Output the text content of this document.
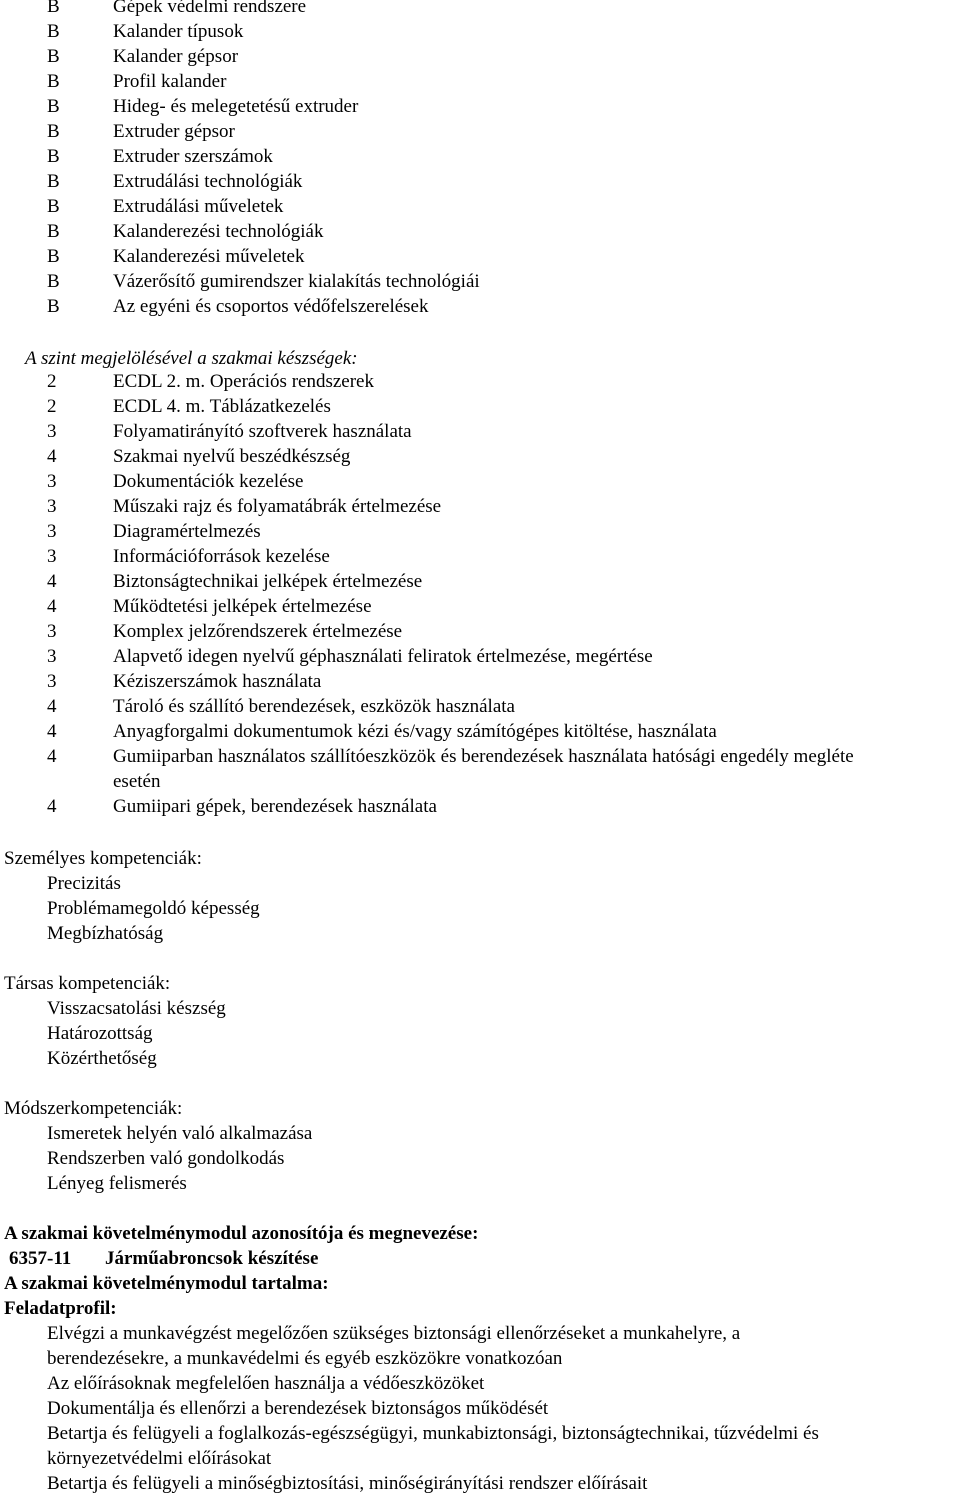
B	Gépek védelmi rendszere
B	Kalander típusok
B	Kalander gépsor
B	Profil kalander
B	Hideg- és melegetetésű extruder
B	Extruder gépsor
B	Extruder szerszámok
B	Extrudálási technológiák
B	Extrudálási műveletek
B	Kalanderezési technológiák
B	Kalanderezési műveletek
B	Vázerősítő gumirendszer kialakítás technológiái
B	Az egyéni és csoportos védőfelszerelések
A szint megjelölésével a szakmai készségek:
2	ECDL 2. m. Operációs rendszerek
2	ECDL 4. m. Táblázatkezelés
3	Folyamatirányító szoftverek használata
4	Szakmai nyelvű beszédkészség
3	Dokumentációk kezelése
3	Műszaki rajz és folyamatábrák értelmezése
3	Diagramértelmezés
3	Információforrások kezelése
4	Biztonságtechnikai jelképek értelmezése
4	Működtetési jelképek értelmezése
3	Komplex jelzőrendszerek értelmezése
3	Alapvető idegen nyelvű géphasználati feliratok értelmezése, megértése
3	Kéziszerszámok használata
4	Tároló és szállító berendezések, eszközök használata
4	Anyagforgalmi dokumentumok kézi és/vagy számítógépes kitöltése, használata
4	Gumiiparban használatos szállítóeszközök és berendezések használata hatósági engedély megléte
esetén
4	Gumiipari gépek, berendezések használata
Személyes kompetenciák:
Precizitás
Problémamegoldó képesség
Megbízhatóság
Társas kompetenciák:
Visszacsatolási készség
Határozottság
Közérthetőség
Módszerkompetenciák:
Ismeretek helyén való alkalmazása
Rendszerben való gondolkodás
Lényeg felismerés
A szakmai követelménymodul azonosítója és megnevezése:
6357-11 Járműabroncsok készítése
A szakmai követelménymodul tartalma:
Feladatprofil:
Elvégzi a munkavégzést megelőzően szükséges biztonsági ellenőrzéseket a munkahelyre, a
berendezésekre, a munkavédelmi és egyéb eszközökre vonatkozóan
Az előírásoknak megfelelően használja a védőeszközöket
Dokumentálja és ellenőrzi a berendezések biztonságos működését
Betartja és felügyeli a foglalkozás-egészségügyi, munkabiztonsági, biztonságtechnikai, tűzvédelmi és
környezetvédelmi előírásokat
Betartja és felügyeli a minőségbiztosítási, minőségirányítási rendszer előírásait
